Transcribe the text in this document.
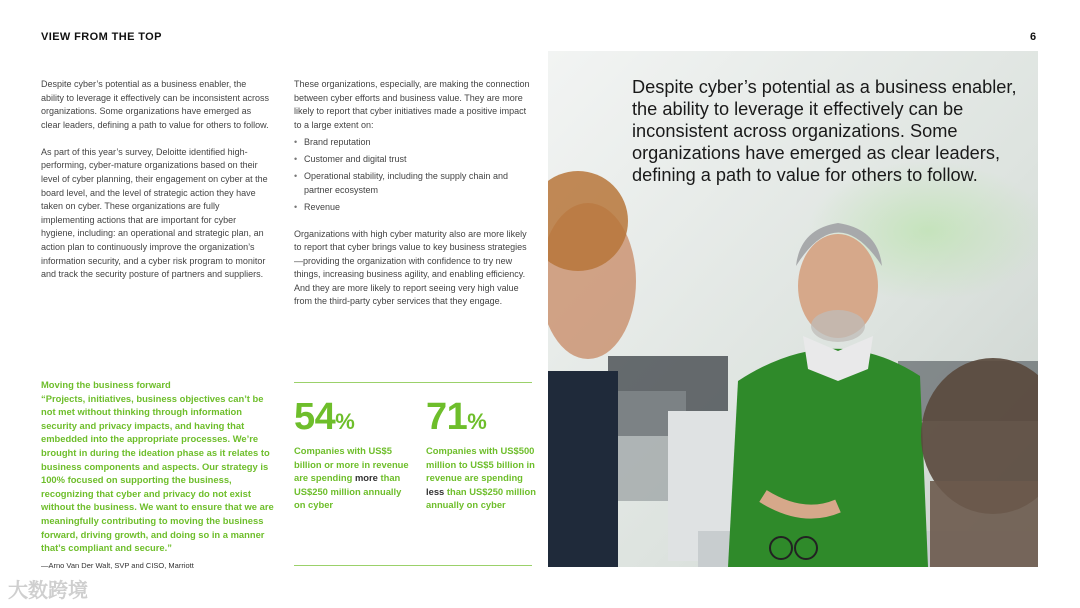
VIEW FROM THE TOP	6

Despite cyber’s potential as a business enabler, the ability to leverage it effectively can be inconsistent across organizations. Some organizations have emerged as clear leaders, defining a path to value for others to follow.

As part of this year’s survey, Deloitte identified high-performing, cyber-mature organizations based on their level of cyber planning, their engagement on cyber at the board level, and the level of strategic action they have taken on cyber. These organizations are fully implementing actions that are important for cyber hygiene, including: an operational and strategic plan, an action plan to continuously improve the organization’s information security, and a cyber risk program to monitor and track the security posture of partners and suppliers.

These organizations, especially, are making the connection between cyber efforts and business value. They are more likely to report that cyber initiatives made a positive impact to a large extent on:

• Brand reputation
• Customer and digital trust
• Operational stability, including the supply chain and partner ecosystem
• Revenue

Organizations with high cyber maturity also are more likely to report that cyber brings value to key business strategies—providing the organization with confidence to try new things, increasing business agility, and enabling efficiency. And they are more likely to report seeing very high value from the third-party cyber services that they engage.

Moving the business forward
“Projects, initiatives, business objectives can’t be not met without thinking through information security and privacy impacts, and having that embedded into the appropriate processes. We’re brought in during the ideation phase as it relates to business components and aspects. Our strategy is 100% focused on supporting the business, recognizing that cyber and privacy do not exist without the business. We want to ensure that we are meaningfully contributing to moving the business forward, driving growth, and doing so in a manner that’s compliant and secure.”
—Arno Van Der Walt, SVP and CISO, Marriott
54%
Companies with US$5 billion or more in revenue are spending more than US$250 million annually on cyber
71%
Companies with US$500 million to US$5 billion in revenue are spending less than US$250 million annually on cyber
Despite cyber’s potential as a business enabler, the ability to leverage it effectively can be inconsistent across organizations. Some organizations have emerged as clear leaders, defining a path to value for others to follow.
大数跨境
